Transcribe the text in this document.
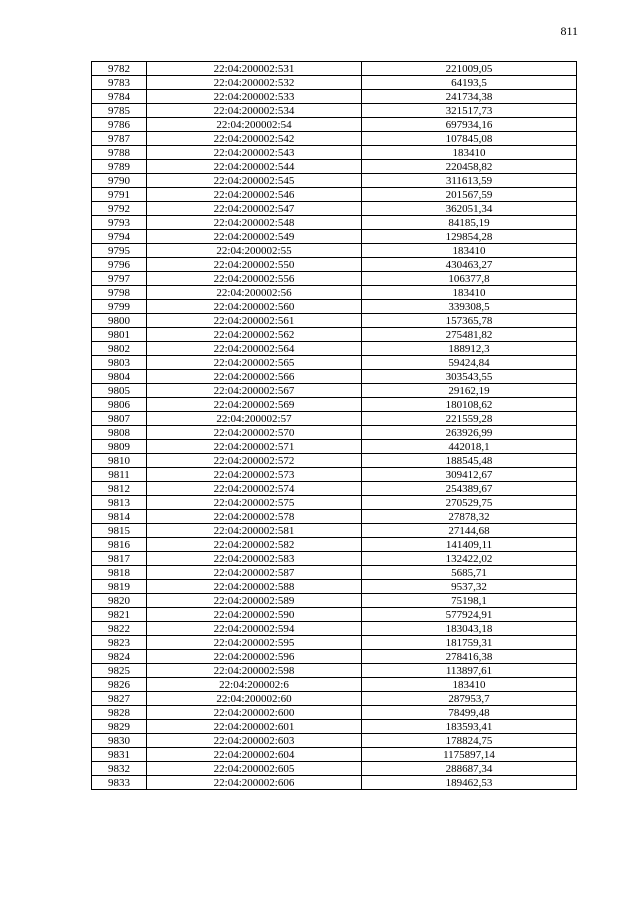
811
9782	22:04:200002:531	221009,05
9783	22:04:200002:532	64193,5
9784	22:04:200002:533	241734,38
9785	22:04:200002:534	321517,73
9786	22:04:200002:54	697934,16
9787	22:04:200002:542	107845,08
9788	22:04:200002:543	183410
9789	22:04:200002:544	220458,82
9790	22:04:200002:545	311613,59
9791	22:04:200002:546	201567,59
9792	22:04:200002:547	362051,34
9793	22:04:200002:548	84185,19
9794	22:04:200002:549	129854,28
9795	22:04:200002:55	183410
9796	22:04:200002:550	430463,27
9797	22:04:200002:556	106377,8
9798	22:04:200002:56	183410
9799	22:04:200002:560	339308,5
9800	22:04:200002:561	157365,78
9801	22:04:200002:562	275481,82
9802	22:04:200002:564	188912,3
9803	22:04:200002:565	59424,84
9804	22:04:200002:566	303543,55
9805	22:04:200002:567	29162,19
9806	22:04:200002:569	180108,62
9807	22:04:200002:57	221559,28
9808	22:04:200002:570	263926,99
9809	22:04:200002:571	442018,1
9810	22:04:200002:572	188545,48
9811	22:04:200002:573	309412,67
9812	22:04:200002:574	254389,67
9813	22:04:200002:575	270529,75
9814	22:04:200002:578	27878,32
9815	22:04:200002:581	27144,68
9816	22:04:200002:582	141409,11
9817	22:04:200002:583	132422,02
9818	22:04:200002:587	5685,71
9819	22:04:200002:588	9537,32
9820	22:04:200002:589	75198,1
9821	22:04:200002:590	577924,91
9822	22:04:200002:594	183043,18
9823	22:04:200002:595	181759,31
9824	22:04:200002:596	278416,38
9825	22:04:200002:598	113897,61
9826	22:04:200002:6	183410
9827	22:04:200002:60	287953,7
9828	22:04:200002:600	78499,48
9829	22:04:200002:601	183593,41
9830	22:04:200002:603	178824,75
9831	22:04:200002:604	1175897,14
9832	22:04:200002:605	288687,34
9833	22:04:200002:606	189462,53
